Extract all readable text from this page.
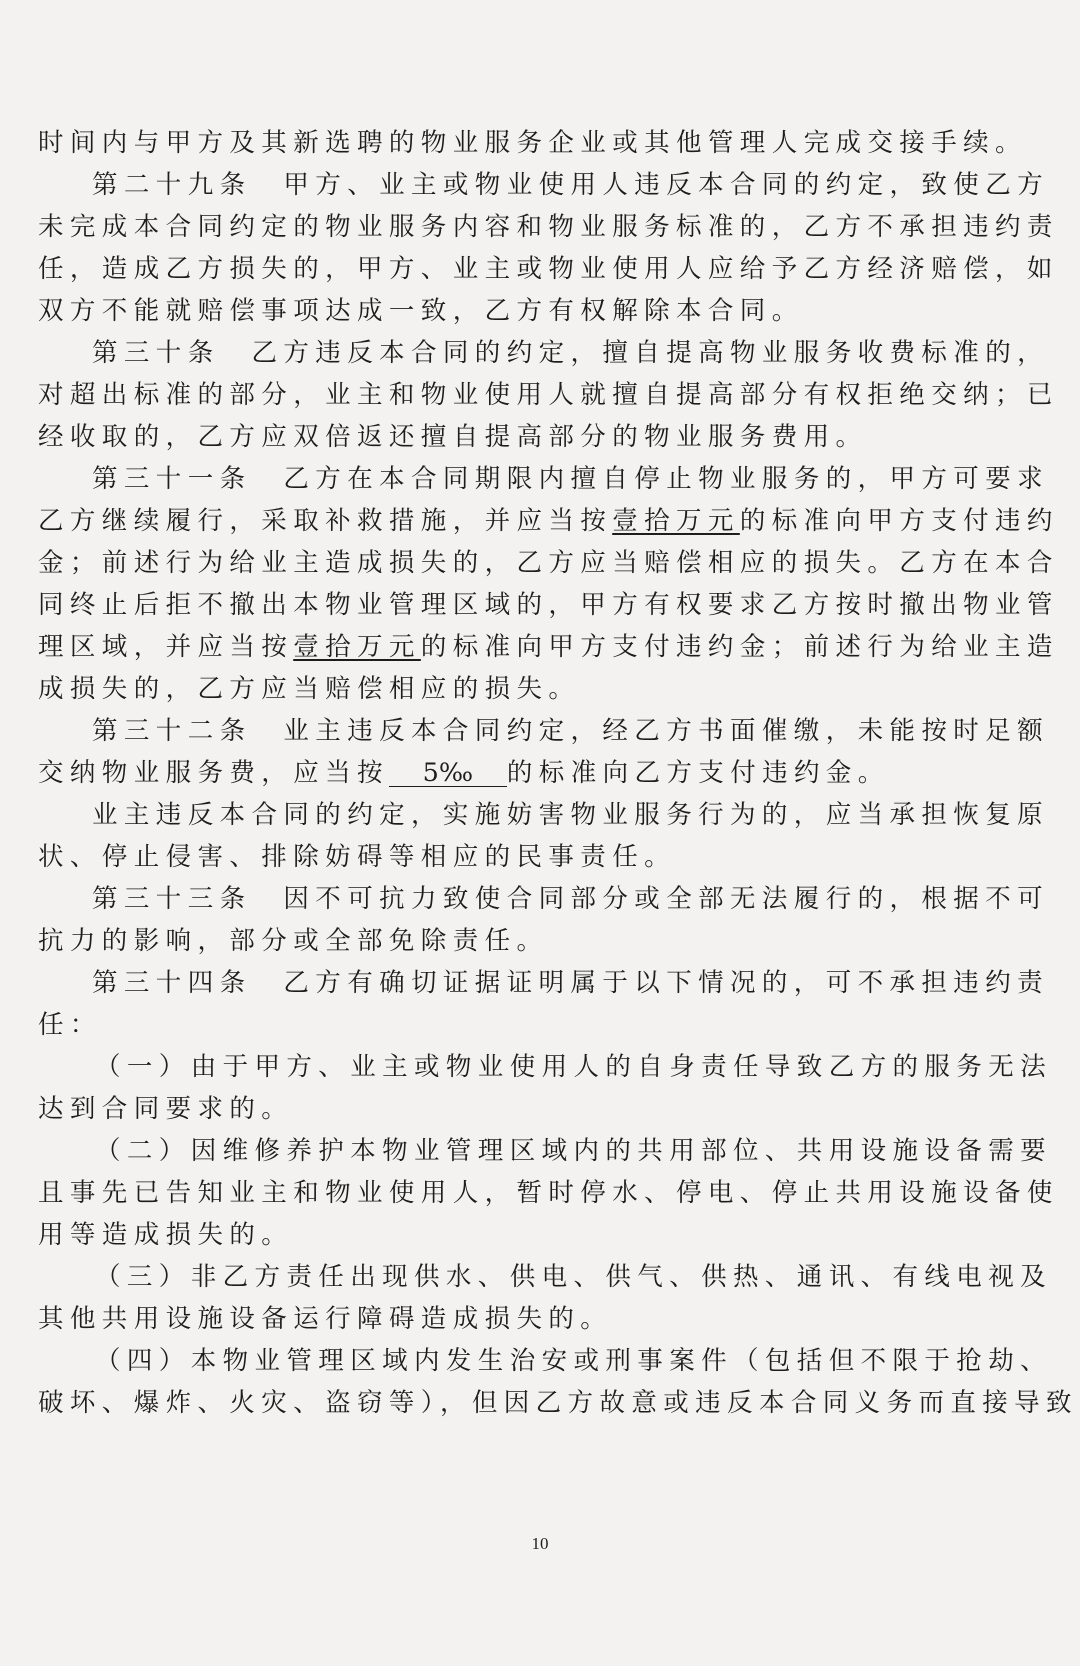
时间内与甲方及其新选聘的物业服务企业或其他管理人完成交接手续。
第二十九条　甲方、业主或物业使用人违反本合同的约定，致使乙方
未完成本合同约定的物业服务内容和物业服务标准的，乙方不承担违约责
任，造成乙方损失的，甲方、业主或物业使用人应给予乙方经济赔偿，如
双方不能就赔偿事项达成一致，乙方有权解除本合同。
第三十条　乙方违反本合同的约定，擅自提高物业服务收费标准的，
对超出标准的部分，业主和物业使用人就擅自提高部分有权拒绝交纳；已
经收取的，乙方应双倍返还擅自提高部分的物业服务费用。
第三十一条　乙方在本合同期限内擅自停止物业服务的，甲方可要求
乙方继续履行，采取补救措施，并应当按壹拾万元的标准向甲方支付违约
金；前述行为给业主造成损失的，乙方应当赔偿相应的损失。乙方在本合
同终止后拒不撤出本物业管理区域的，甲方有权要求乙方按时撤出物业管
理区域，并应当按壹拾万元的标准向甲方支付违约金；前述行为给业主造
成损失的，乙方应当赔偿相应的损失。
第三十二条　业主违反本合同约定，经乙方书面催缴，未能按时足额
交纳物业服务费，应当按 5‰ 的标准向乙方支付违约金。
业主违反本合同的约定，实施妨害物业服务行为的，应当承担恢复原
状、停止侵害、排除妨碍等相应的民事责任。
第三十三条　因不可抗力致使合同部分或全部无法履行的，根据不可
抗力的影响，部分或全部免除责任。
第三十四条　乙方有确切证据证明属于以下情况的，可不承担违约责
任：
（一）由于甲方、业主或物业使用人的自身责任导致乙方的服务无法
达到合同要求的。
（二）因维修养护本物业管理区域内的共用部位、共用设施设备需要
且事先已告知业主和物业使用人，暂时停水、停电、停止共用设施设备使
用等造成损失的。
（三）非乙方责任出现供水、供电、供气、供热、通讯、有线电视及
其他共用设施设备运行障碍造成损失的。
（四）本物业管理区域内发生治安或刑事案件（包括但不限于抢劫、
破坏、爆炸、火灾、盗窃等），但因乙方故意或违反本合同义务而直接导致
10
